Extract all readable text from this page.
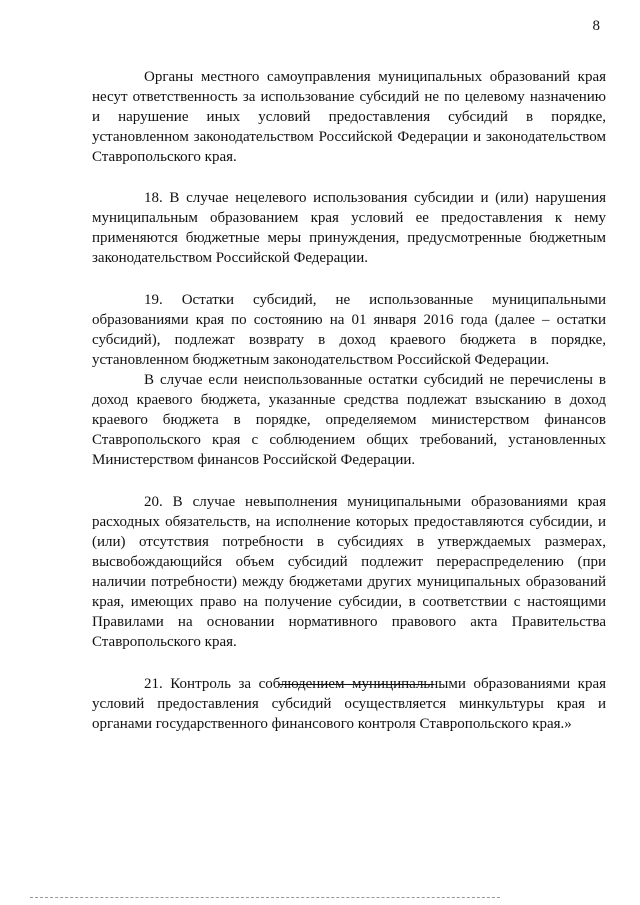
8

Органы местного самоуправления муниципальных образований края несут ответственность за использование субсидий не по целевому назначению и нарушение иных условий предоставления субсидий в порядке, установленном законодательством Российской Федерации и законодательством Ставропольского края.

18. В случае нецелевого использования субсидии и (или) нарушения муниципальным образованием края условий ее предоставления к нему применяются бюджетные меры принуждения, предусмотренные бюджетным законодательством Российской Федерации.

19. Остатки субсидий, не использованные муниципальными образованиями края по состоянию на 01 января 2016 года (далее – остатки субсидий), подлежат возврату в доход краевого бюджета в порядке, установленном бюджетным законодательством Российской Федерации.

В случае если неиспользованные остатки субсидий не перечислены в доход краевого бюджета, указанные средства подлежат взысканию в доход краевого бюджета в порядке, определяемом министерством финансов Ставропольского края с соблюдением общих требований, установленных Министерством финансов Российской Федерации.

20. В случае невыполнения муниципальными образованиями края расходных обязательств, на исполнение которых предоставляются субсидии, и (или) отсутствия потребности в субсидиях в утверждаемых размерах, высвобождающийся объем субсидий подлежит перераспределению (при наличии потребности) между бюджетами других муниципальных образований края, имеющих право на получение субсидии, в соответствии с настоящими Правилами на основании нормативного правового акта Правительства Ставропольского края.

21. Контроль за соблюдением муниципальными образованиями края условий предоставления субсидий осуществляется минкультуры края и органами государственного финансового контроля Ставропольского края.»
